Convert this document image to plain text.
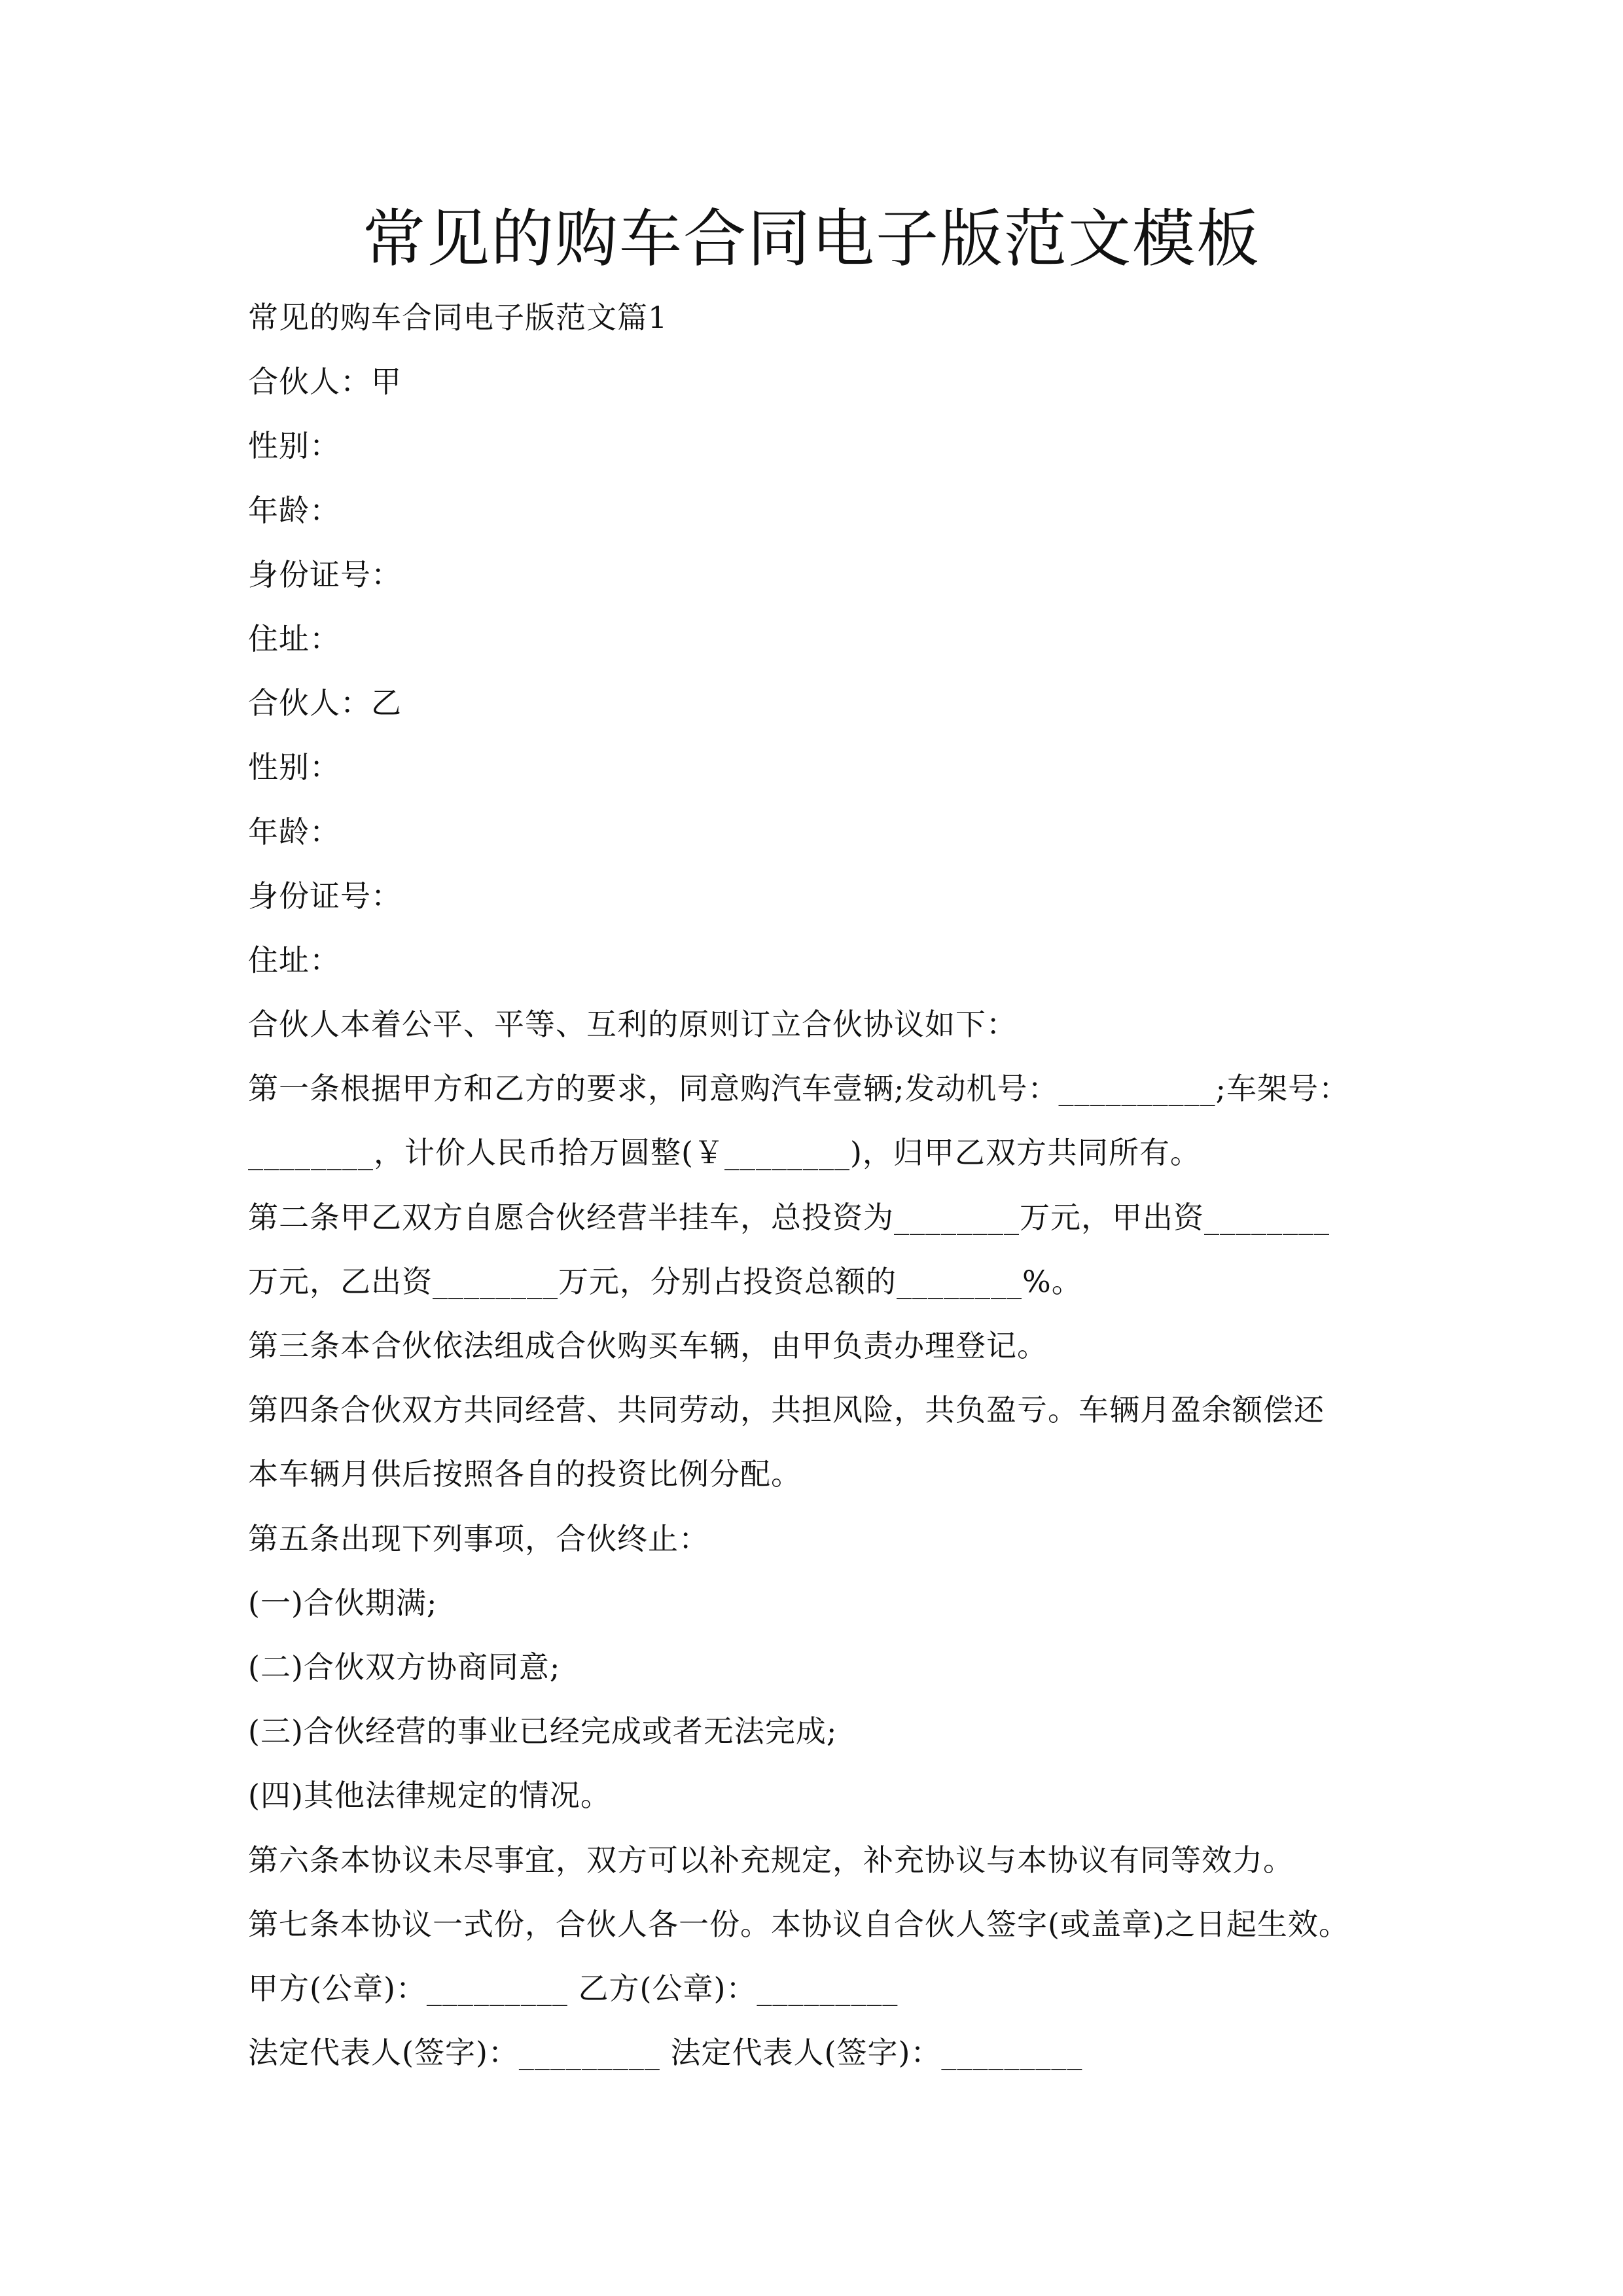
常见的购车合同电子版范文模板
常见的购车合同电子版范文篇1
合伙人：甲
性别：
年龄：
身份证号：
住址：
合伙人：乙
性别：
年龄：
身份证号：
住址：
合伙人本着公平、平等、互利的原则订立合伙协议如下：
第一条根据甲方和乙方的要求，同意购汽车壹辆;发动机号：__________;车架号：
________，计价人民币拾万圆整(￥________)，归甲乙双方共同所有。
第二条甲乙双方自愿合伙经营半挂车，总投资为________万元，甲出资________
万元，乙出资________万元，分别占投资总额的________%。
第三条本合伙依法组成合伙购买车辆，由甲负责办理登记。
第四条合伙双方共同经营、共同劳动，共担风险，共负盈亏。车辆月盈余额偿还
本车辆月供后按照各自的投资比例分配。
第五条出现下列事项，合伙终止：
(一)合伙期满;
(二)合伙双方协商同意;
(三)合伙经营的事业已经完成或者无法完成;
(四)其他法律规定的情况。
第六条本协议未尽事宜，双方可以补充规定，补充协议与本协议有同等效力。
第七条本协议一式份，合伙人各一份。本协议自合伙人签字(或盖章)之日起生效。
甲方(公章)：_________ 乙方(公章)：_________
法定代表人(签字)：_________ 法定代表人(签字)：_________
